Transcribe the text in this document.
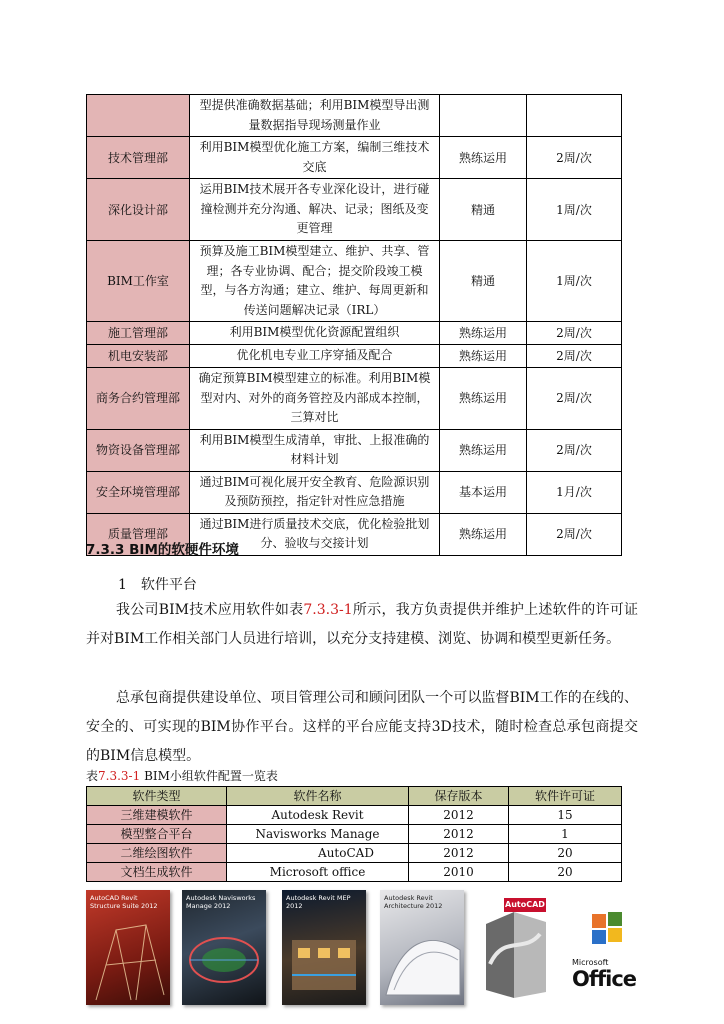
	型提供准确数据基础；利用BIM模型导出测量数据指导现场测量作业		
技术管理部	利用BIM模型优化施工方案，编制三维技术交底	熟练运用	2周/次
深化设计部	运用BIM技术展开各专业深化设计，进行碰撞检测并充分沟通、解决、记录；图纸及变更管理	精通	1周/次
BIM工作室	预算及施工BIM模型建立、维护、共享、管理；各专业协调、配合；提交阶段竣工模型，与各方沟通；建立、维护、每周更新和传送问题解决记录（IRL）	精通	1周/次
施工管理部	利用BIM模型优化资源配置组织	熟练运用	2周/次
机电安装部	优化机电专业工序穿插及配合	熟练运用	2周/次
商务合约管理部	确定预算BIM模型建立的标准。利用BIM模型对内、对外的商务管控及内部成本控制，三算对比	熟练运用	2周/次
物资设备管理部	利用BIM模型生成清单，审批、上报准确的材料计划	熟练运用	2周/次
安全环境管理部	通过BIM可视化展开安全教育、危险源识别及预防预控，指定针对性应急措施	基本运用	1月/次
质量管理部	通过BIM进行质量技术交底，优化检验批划分、验收与交接计划	熟练运用	2周/次
7.3.3 BIM的软硬件环境
1　软件平台
我公司BIM技术应用软件如表7.3.3-1所示，我方负责提供并维护上述软件的许可证并对BIM工作相关部门人员进行培训，以充分支持建模、浏览、协调和模型更新任务。
总承包商提供建设单位、项目管理公司和顾问团队一个可以监督BIM工作的在线的、安全的、可实现的BIM协作平台。这样的平台应能支持3D技术，随时检查总承包商提交的BIM信息模型。
表7.3.3-1 BIM小组软件配置一览表
软件类型	软件名称	保存版本	软件许可证
三维建模软件	Autodesk Revit	2012	15
模型整合平台	Navisworks Manage	2012	1
二维绘图软件	AutoCAD	2012	20
文档生成软件	Microsoft office	2010	20
AutoCAD Revit Structure Suite 2012
Autodesk Navisworks Manage 2012
Autodesk Revit MEP 2012
Autodesk Revit Architecture 2012	AutoCAD
Microsoft
Office
